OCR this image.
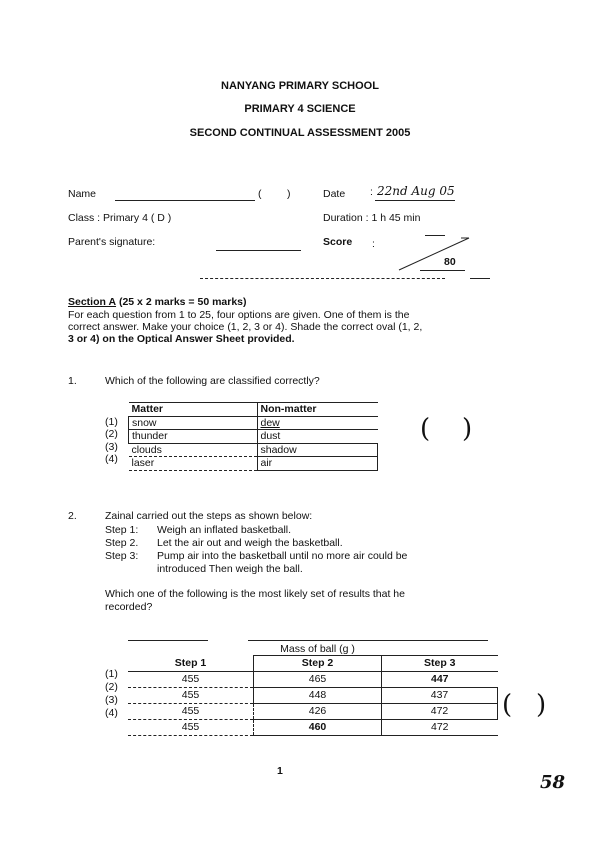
NANYANG PRIMARY SCHOOL
PRIMARY 4 SCIENCE
SECOND CONTINUAL ASSESSMENT 2005
Name	( )	Date : 22nd Aug 05
Class : Primary 4 ( D )	Duration : 1 h 45 min
Parent's signature:	Score :
80
Section A (25 x 2 marks = 50 marks)
For each question from 1 to 25, four options are given. One of them is the
correct answer. Make your choice (1, 2, 3 or 4). Shade the correct oval (1, 2,
3 or 4) on the Optical Answer Sheet provided.
1.	Which of the following are classified correctly?
(1)
(2)
(3)
(4)
Matter	Non-matter
snow	dew
thunder	dust
clouds	shadow
laser	air
( )
2.	Zainal carried out the steps as shown below:
Step 1: Weigh an inflated basketball.
Step 2. Let the air out and weigh the basketball.
Step 3: Pump air into the basketball until no more air could be
introduced Then weigh the ball.
Which one of the following is the most likely set of results that he
recorded?
(1)
(2)
(3)
(4)
Mass of ball (g )
Step 1	Step 2	Step 3
455	465	447
455	448	437
455	426	472
455	460	472
( )
1
58
